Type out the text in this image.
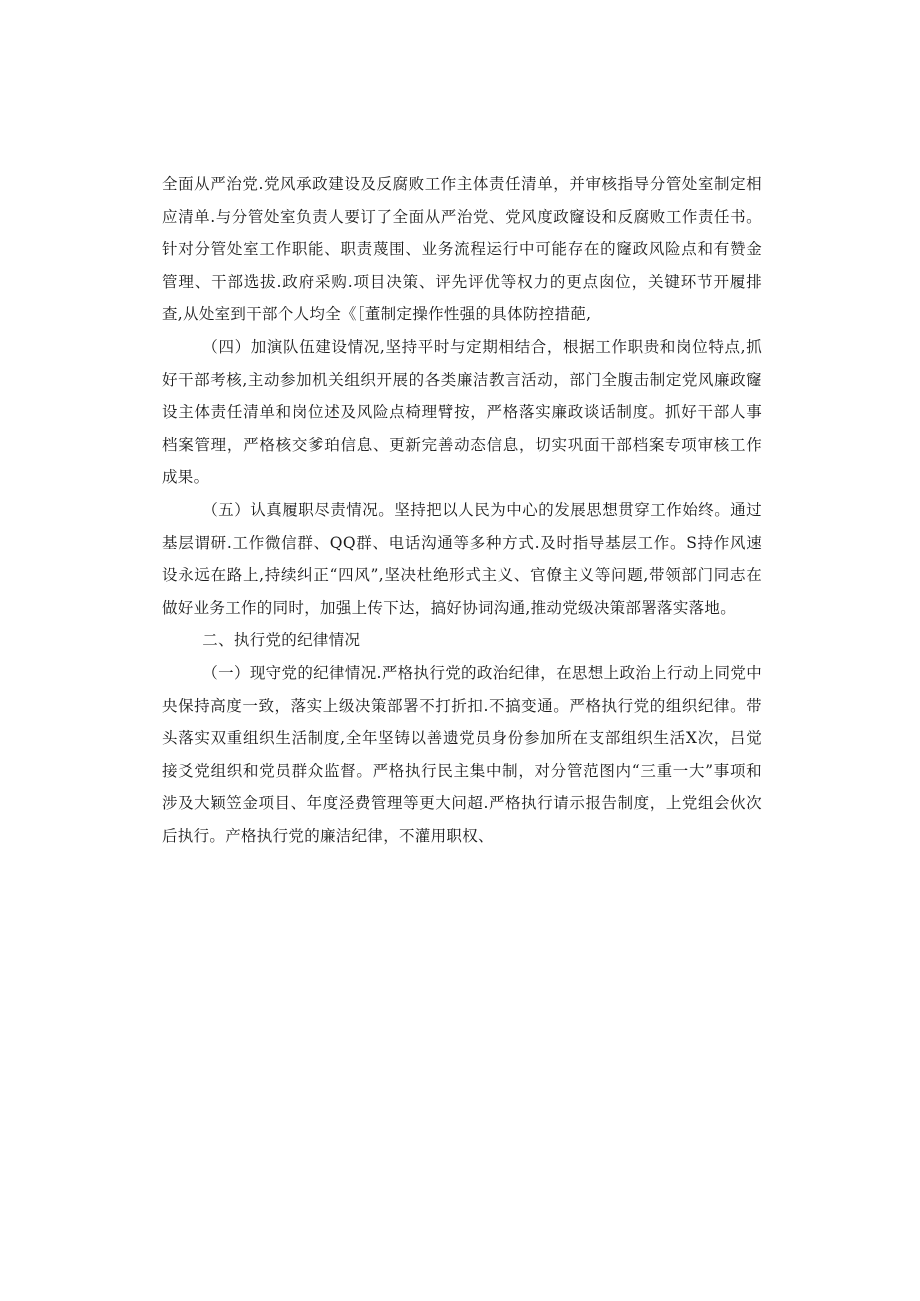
全面从严治党.党风承政建设及反腐败工作主体责任清单，并审核指导分管处室制定相应清单.与分管处室负责人要订了全面从严治党、党风度政窿设和反腐败工作责任书。针对分管处室工作职能、职责蔑围、业务流程运行中可能存在的窿政风险点和有赞金管理、干部选拔.政府采购.项目决策、评先评优等权力的更点囱位，关键环节开履排查,从处室到干部个人均全《［董制定操作性强的具体防控措葩,

（四）加演队伍建设情况,坚持平时与定期相结合，根据工作职贵和岗位特点,抓好干部考核,主动参加机关组织开展的各类廉洁教言活动，部门全腹击制定党风廉政窿设主体责任清单和岗位述及风险点椅理臂按，严格落实廉政谈话制度。抓好干部人事档案管理，严格核交爹珀信息、更新完善动态信息，切实巩面干部档案专项审核工作成果。

（五）认真履职尽责情况。坚持把以人民为中心的发展思想贯穿工作始终。通过基层谓研.工作微信群、QQ群、电话沟通等多种方式.及时指导基层工作。S持作风速设永远在路上,持续纠正“四风”,坚决杜绝形式主义、官僚主义等问题,带领部门同志在做好业务工作的同时，加强上传下达，搞好协词沟通,推动党级决策部署落实落地。

二、执行党的纪律情况

（一）现守党的纪律情况.严格执行党的政治纪律，在思想上政治上行动上同党中央保持高度一致，落实上级决策部署不打折扣.不搞变通。严格执行党的组织纪律。带头落实双重组织生活制度,全年坚铸以善遗党员身份参加所在支部组织生活X次，吕觉接爻党组织和党员群众监督。严格执行民主集中制，对分管范图内“三重一大”事项和涉及大颖笠金项目、年度泾费管理等更大问超.严格执行请示报告制度，上党组会伙次后执行。产格执行党的廉洁纪律，不灌用职权、
